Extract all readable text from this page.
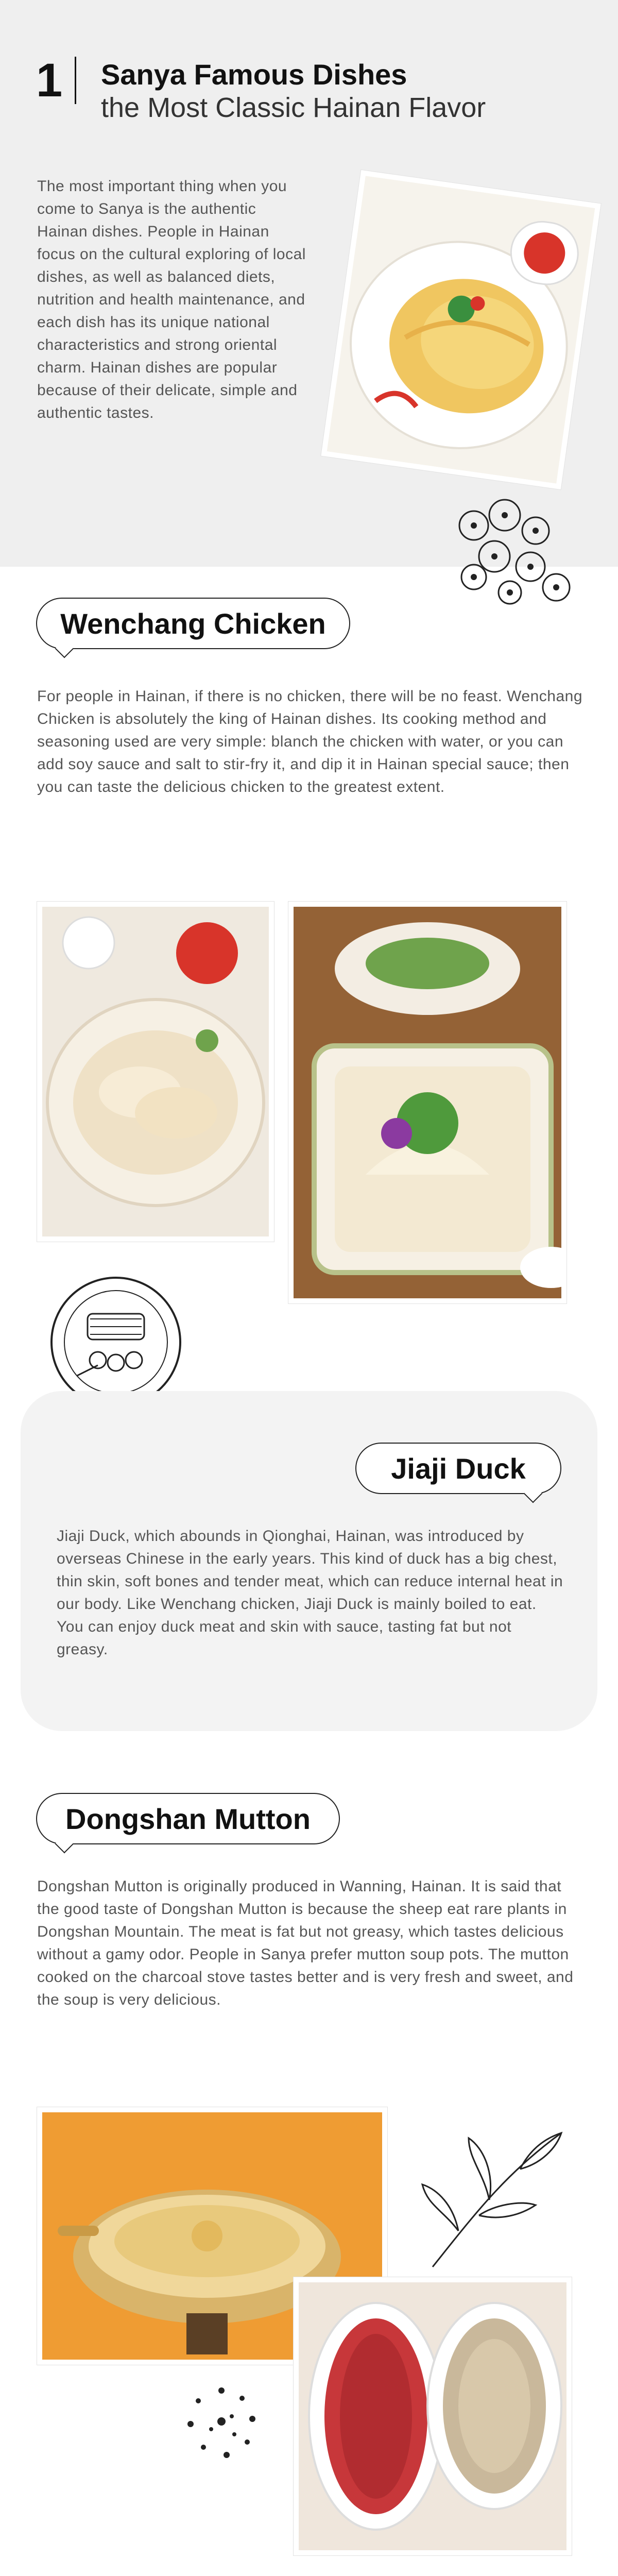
1	Sanya Famous Dishes
the Most Classic Hainan Flavor
The most important thing when you come to Sanya is the authentic Hainan dishes. People in Hainan focus on the cultural exploring of local dishes, as well as balanced diets, nutrition and health maintenance, and each dish has its unique national characteristics and strong oriental charm. Hainan dishes are popular because of their delicate, simple and authentic tastes.
Wenchang Chicken
For people in Hainan, if there is no chicken, there will be no feast. Wenchang Chicken is absolutely the king of Hainan dishes. Its cooking method and seasoning used are very simple: blanch the chicken with water, or you can add soy sauce and salt to stir-fry it, and dip it in Hainan special sauce; then you can taste the delicious chicken to the greatest extent.
Jiaji Duck
Jiaji Duck, which abounds in Qionghai, Hainan, was introduced by overseas Chinese in the early years. This kind of duck has a big chest, thin skin, soft bones and tender meat, which can reduce internal heat in our body. Like Wenchang chicken, Jiaji Duck is mainly boiled to eat. You can enjoy duck meat and skin with sauce, tasting fat but not greasy.
Dongshan Mutton
Dongshan Mutton is originally produced in Wanning, Hainan. It is said that the good taste of Dongshan Mutton is because the sheep eat rare plants in Dongshan Mountain. The meat is fat but not greasy, which tastes delicious without a gamy odor. People in Sanya prefer mutton soup pots. The mutton cooked on the charcoal stove tastes better and is very fresh and sweet, and the soup is very delicious.
